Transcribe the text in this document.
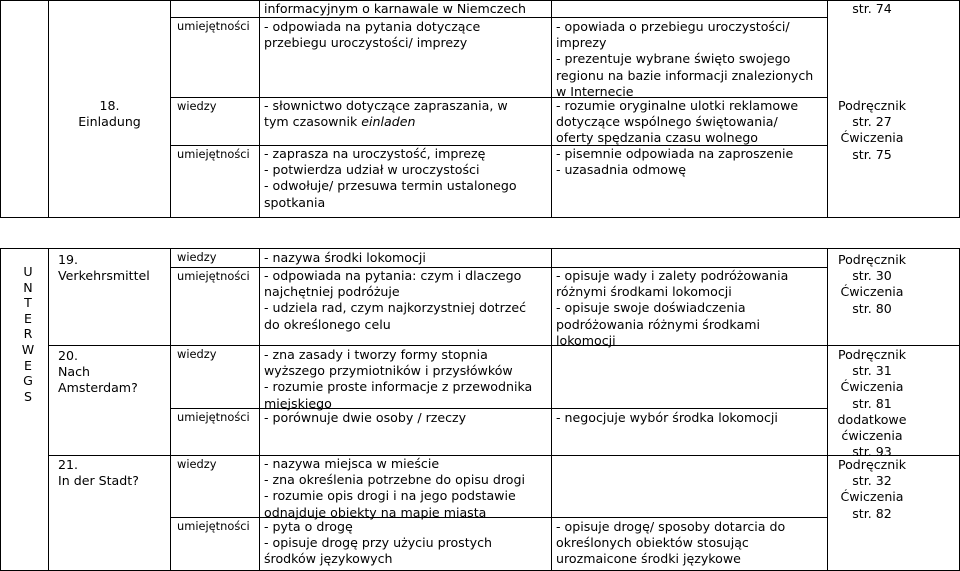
18.
Einladung
umiejętności
wiedzy
umiejętności
informacyjnym o karnawale w Niemczech
- odpowiada na pytania dotyczące
przebiegu uroczystości/ imprezy
- opowiada o przebiegu uroczystości/
imprezy
- prezentuje wybrane święto swojego
regionu na bazie informacji znalezionych
w Internecie
- słownictwo dotyczące zapraszania, w
tym czasownik einladen
- rozumie oryginalne ulotki reklamowe
dotyczące wspólnego świętowania/
oferty spędzania czasu wolnego
- zaprasza na uroczystość, imprezę
- potwierdza udział w uroczystości
- odwołuje/ przesuwa termin ustalonego
spotkania
- pisemnie odpowiada na zaproszenie
- uzasadnia odmowę
str. 74
Podręcznik
str. 27
Ćwiczenia
str. 75
U
N
T
E
R
W
E
G
S
19.
Verkehrsmittel
20.
Nach
Amsterdam?
21.
In der Stadt?
wiedzy
umiejętności
wiedzy
umiejętności
wiedzy
umiejętności
- nazywa środki lokomocji
- odpowiada na pytania: czym i dlaczego
najchętniej podróżuje
- udziela rad, czym najkorzystniej dotrzeć
do określonego celu
- opisuje wady i zalety podróżowania
różnymi środkami lokomocji
- opisuje swoje doświadczenia
podróżowania różnymi środkami
lokomocji
Podręcznik
str. 30
Ćwiczenia
str. 80
- zna zasady i tworzy formy stopnia
wyższego przymiotników i przysłówków
- rozumie proste informacje z przewodnika
miejskiego
- porównuje dwie osoby / rzeczy	- negocjuje wybór środka lokomocji
Podręcznik
str. 31
Ćwiczenia
str. 81
dodatkowe
ćwiczenia
str. 93
- nazywa miejsca w mieście
- zna określenia potrzebne do opisu drogi
- rozumie opis drogi i na jego podstawie
odnajduje obiekty na mapie miasta
- pyta o drogę
- opisuje drogę przy użyciu prostych
środków językowych
- opisuje drogę/ sposoby dotarcia do
określonych obiektów stosując
urozmaicone środki językowe
Podręcznik
str. 32
Ćwiczenia
str. 82
